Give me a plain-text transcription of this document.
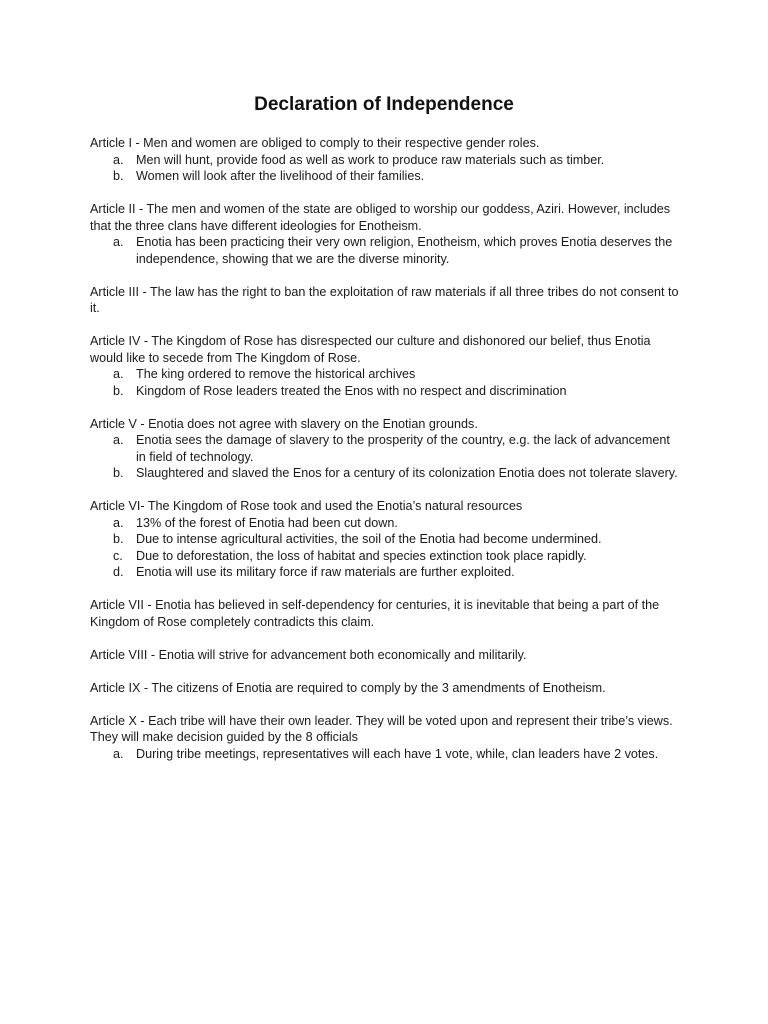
Declaration of Independence

Article I - Men and women are obliged to comply to their respective gender roles.

a. Men will hunt, provide food as well as work to produce raw materials such as timber.
b. Women will look after the livelihood of their families.

Article II - The men and women of the state are obliged to worship our goddess, Aziri. However, includes that the three clans have different ideologies for Enotheism.

a. Enotia has been practicing their very own religion, Enotheism, which proves Enotia deserves the independence, showing that we are the diverse minority.

Article III - The law has the right to ban the exploitation of raw materials if all three tribes do not consent to it.

Article IV - The Kingdom of Rose has disrespected our culture and dishonored our belief, thus Enotia would like to secede from The Kingdom of Rose.

a. The king ordered to remove the historical archives
b. Kingdom of Rose leaders treated the Enos with no respect and discrimination

Article V - Enotia does not agree with slavery on the Enotian grounds.

a. Enotia sees the damage of slavery to the prosperity of the country, e.g. the lack of advancement in field of technology.
b. Slaughtered and slaved the Enos for a century of its colonization Enotia does not tolerate slavery.

Article VI- The Kingdom of Rose took and used the Enotia’s natural resources

a. 13% of the forest of Enotia had been cut down.
b. Due to intense agricultural activities, the soil of the Enotia had become undermined.
c. Due to deforestation, the loss of habitat and species extinction took place rapidly.
d. Enotia will use its military force if raw materials are further exploited.

Article VII - Enotia has believed in self-dependency for centuries, it is inevitable that being a part of the Kingdom of Rose completely contradicts this claim.

Article VIII - Enotia will strive for advancement both economically and militarily.

Article IX - The citizens of Enotia are required to comply by the 3 amendments of Enotheism.

Article X - Each tribe will have their own leader. They will be voted upon and represent their tribe’s views. They will make decision guided by the 8 officials

a. During tribe meetings, representatives will each have 1 vote, while, clan leaders have 2 votes.
